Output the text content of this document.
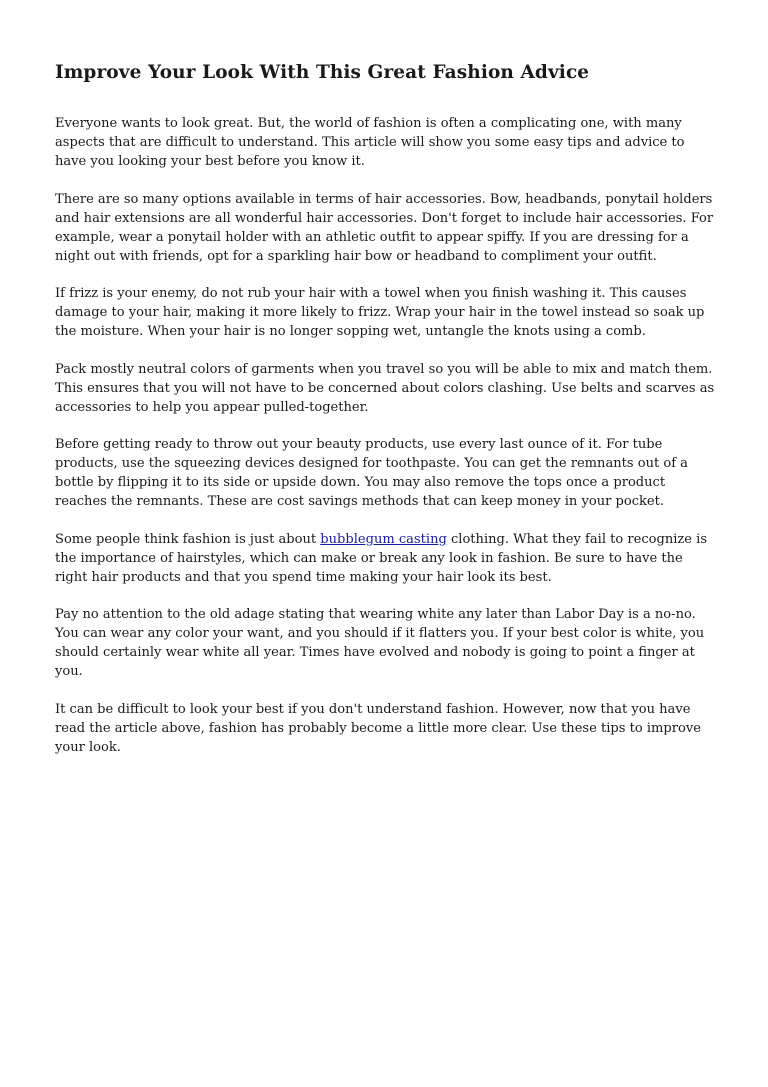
Improve Your Look With This Great Fashion Advice

Everyone wants to look great. But, the world of fashion is often a complicating one, with many aspects that are difficult to understand. This article will show you some easy tips and advice to have you looking your best before you know it.

There are so many options available in terms of hair accessories. Bow, headbands, ponytail holders and hair extensions are all wonderful hair accessories. Don't forget to include hair accessories. For example, wear a ponytail holder with an athletic outfit to appear spiffy. If you are dressing for a night out with friends, opt for a sparkling hair bow or headband to compliment your outfit.

If frizz is your enemy, do not rub your hair with a towel when you finish washing it. This causes damage to your hair, making it more likely to frizz. Wrap your hair in the towel instead so soak up the moisture. When your hair is no longer sopping wet, untangle the knots using a comb.

Pack mostly neutral colors of garments when you travel so you will be able to mix and match them. This ensures that you will not have to be concerned about colors clashing. Use belts and scarves as accessories to help you appear pulled-together.

Before getting ready to throw out your beauty products, use every last ounce of it. For tube products, use the squeezing devices designed for toothpaste. You can get the remnants out of a bottle by flipping it to its side or upside down. You may also remove the tops once a product reaches the remnants. These are cost savings methods that can keep money in your pocket.

Some people think fashion is just about bubblegum casting clothing. What they fail to recognize is the importance of hairstyles, which can make or break any look in fashion. Be sure to have the right hair products and that you spend time making your hair look its best.

Pay no attention to the old adage stating that wearing white any later than Labor Day is a no-no. You can wear any color your want, and you should if it flatters you. If your best color is white, you should certainly wear white all year. Times have evolved and nobody is going to point a finger at you.

It can be difficult to look your best if you don't understand fashion. However, now that you have read the article above, fashion has probably become a little more clear. Use these tips to improve your look.
